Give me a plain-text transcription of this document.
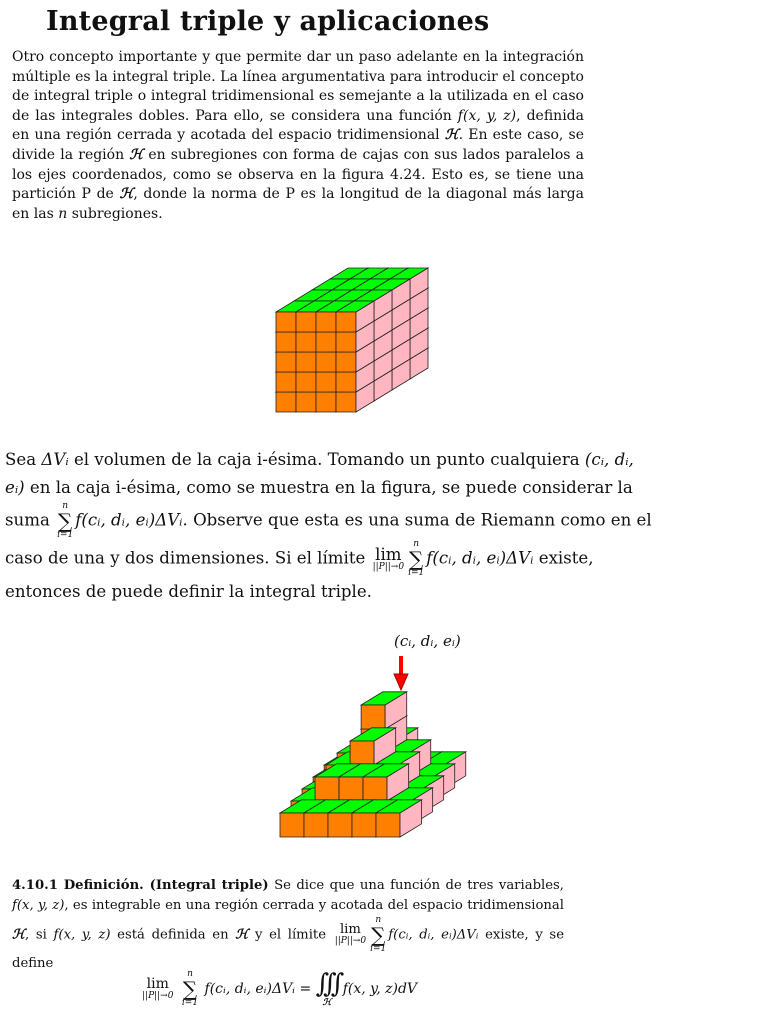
Integral triple y aplicaciones

Otro concepto importante y que permite dar un paso adelante en la integración múltiple es la integral triple. La línea argumentativa para introducir el concepto de integral triple o integral tridimensional es semejante a la utilizada en el caso de las integrales dobles. Para ello, se considera una función f(x, y, z), definida en una región cerrada y acotada del espacio tridimensional ℋ. En este caso, se divide la región ℋ en subregiones con forma de cajas con sus lados paralelos a los ejes coordenados, como se observa en la figura 4.24. Esto es, se tiene una partición P de ℋ, donde la norma de P es la longitud de la diagonal más larga en las n subregiones.

Sea ΔVᵢ el volumen de la caja i-ésima. Tomando un punto cualquiera (cᵢ, dᵢ, eᵢ) en la caja i-ésima, como se muestra en la figura, se puede considerar la suma
n
∑
i=1
f(cᵢ, dᵢ, eᵢ)ΔVᵢ. Observe que esta es una suma de Riemann como en el caso de una y dos dimensiones. Si el límite lim
||P||→0
n
∑
i=1
f(cᵢ, dᵢ, eᵢ)ΔVᵢ existe, entonces de puede definir la integral triple.

(cᵢ, dᵢ, eᵢ)

4.10.1 Definición. (Integral triple) Se dice que una función de tres variables, f(x, y, z), es integrable en una región cerrada y acotada del espacio tridimensional ℋ, si f(x, y, z) está definida en ℋ y el límite lim
||P||→0
n
∑
i=1
f(cᵢ, dᵢ, eᵢ)ΔVᵢ existe, y se define

lim
||P||→0

n
∑
i=1
f(cᵢ, dᵢ, eᵢ)ΔVᵢ = ∫∫∫
ℋ
f(x, y, z)dV
